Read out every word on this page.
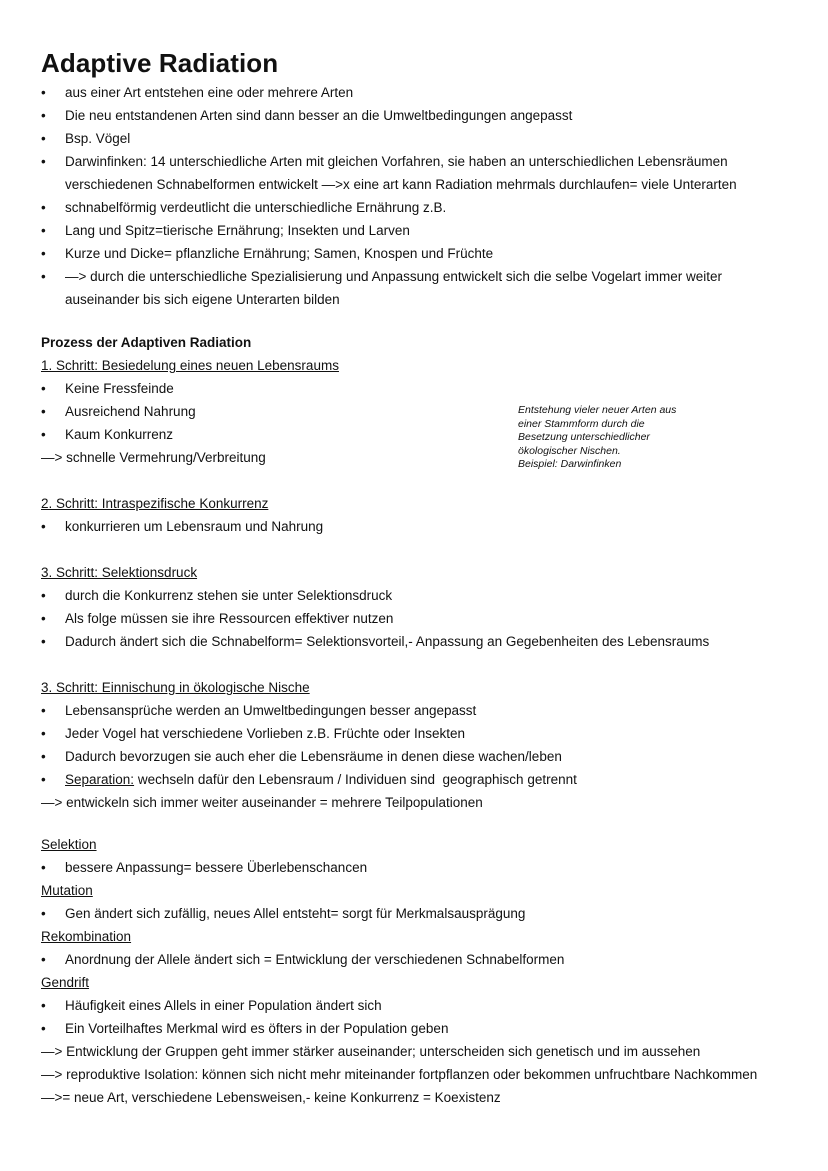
Adaptive Radiation
•	aus einer Art entstehen eine oder mehrere Arten
•	Die neu entstandenen Arten sind dann besser an die Umweltbedingungen angepasst
•	Bsp. Vögel
•	Darwinfinken: 14 unterschiedliche Arten mit gleichen Vorfahren, sie haben an unterschiedlichen Lebensräumen
verschiedenen Schnabelformen entwickelt —>x eine art kann Radiation mehrmals durchlaufen= viele Unterarten
•	schnabelförmig verdeutlicht die unterschiedliche Ernährung z.B.
•	Lang und Spitz=tierische Ernährung; Insekten und Larven
•	Kurze und Dicke= pflanzliche Ernährung; Samen, Knospen und Früchte
•	—> durch die unterschiedliche Spezialisierung und Anpassung entwickelt sich die selbe Vogelart immer weiter
auseinander bis sich eigene Unterarten bilden
Prozess der Adaptiven Radiation
1. Schritt: Besiedelung eines neuen Lebensraums
•	Keine Fressfeinde
•	Ausreichend Nahrung
•	Kaum Konkurrenz
—> schnelle Vermehrung/Verbreitung
2. Schritt: Intraspezifische Konkurrenz
•	konkurrieren um Lebensraum und Nahrung
3. Schritt: Selektionsdruck
•	durch die Konkurrenz stehen sie unter Selektionsdruck
•	Als folge müssen sie ihre Ressourcen effektiver nutzen
•	Dadurch ändert sich die Schnabelform= Selektionsvorteil,- Anpassung an Gegebenheiten des Lebensraums
3. Schritt: Einnischung in ökologische Nische
•	Lebensansprüche werden an Umweltbedingungen besser angepasst
•	Jeder Vogel hat verschiedene Vorlieben z.B. Früchte oder Insekten
•	Dadurch bevorzugen sie auch eher die Lebensräume in denen diese wachen/leben
•	Separation: wechseln dafür den Lebensraum / Individuen sind  geographisch getrennt
—> entwickeln sich immer weiter auseinander = mehrere Teilpopulationen
Selektion
•	bessere Anpassung= bessere Überlebenschancen
Mutation
•	Gen ändert sich zufällig, neues Allel entsteht= sorgt für Merkmalsausprägung
Rekombination
•	Anordnung der Allele ändert sich = Entwicklung der verschiedenen Schnabelformen
Gendrift
•	Häufigkeit eines Allels in einer Population ändert sich
•	Ein Vorteilhaftes Merkmal wird es öfters in der Population geben
—> Entwicklung der Gruppen geht immer stärker auseinander; unterscheiden sich genetisch und im aussehen
—> reproduktive Isolation: können sich nicht mehr miteinander fortpflanzen oder bekommen unfruchtbare Nachkommen
—>= neue Art, verschiedene Lebensweisen,- keine Konkurrenz = Koexistenz
Entstehung vieler neuer Arten aus
einer Stammform durch die
Besetzung unterschiedlicher
ökologischer Nischen.
Beispiel: Darwinfinken
